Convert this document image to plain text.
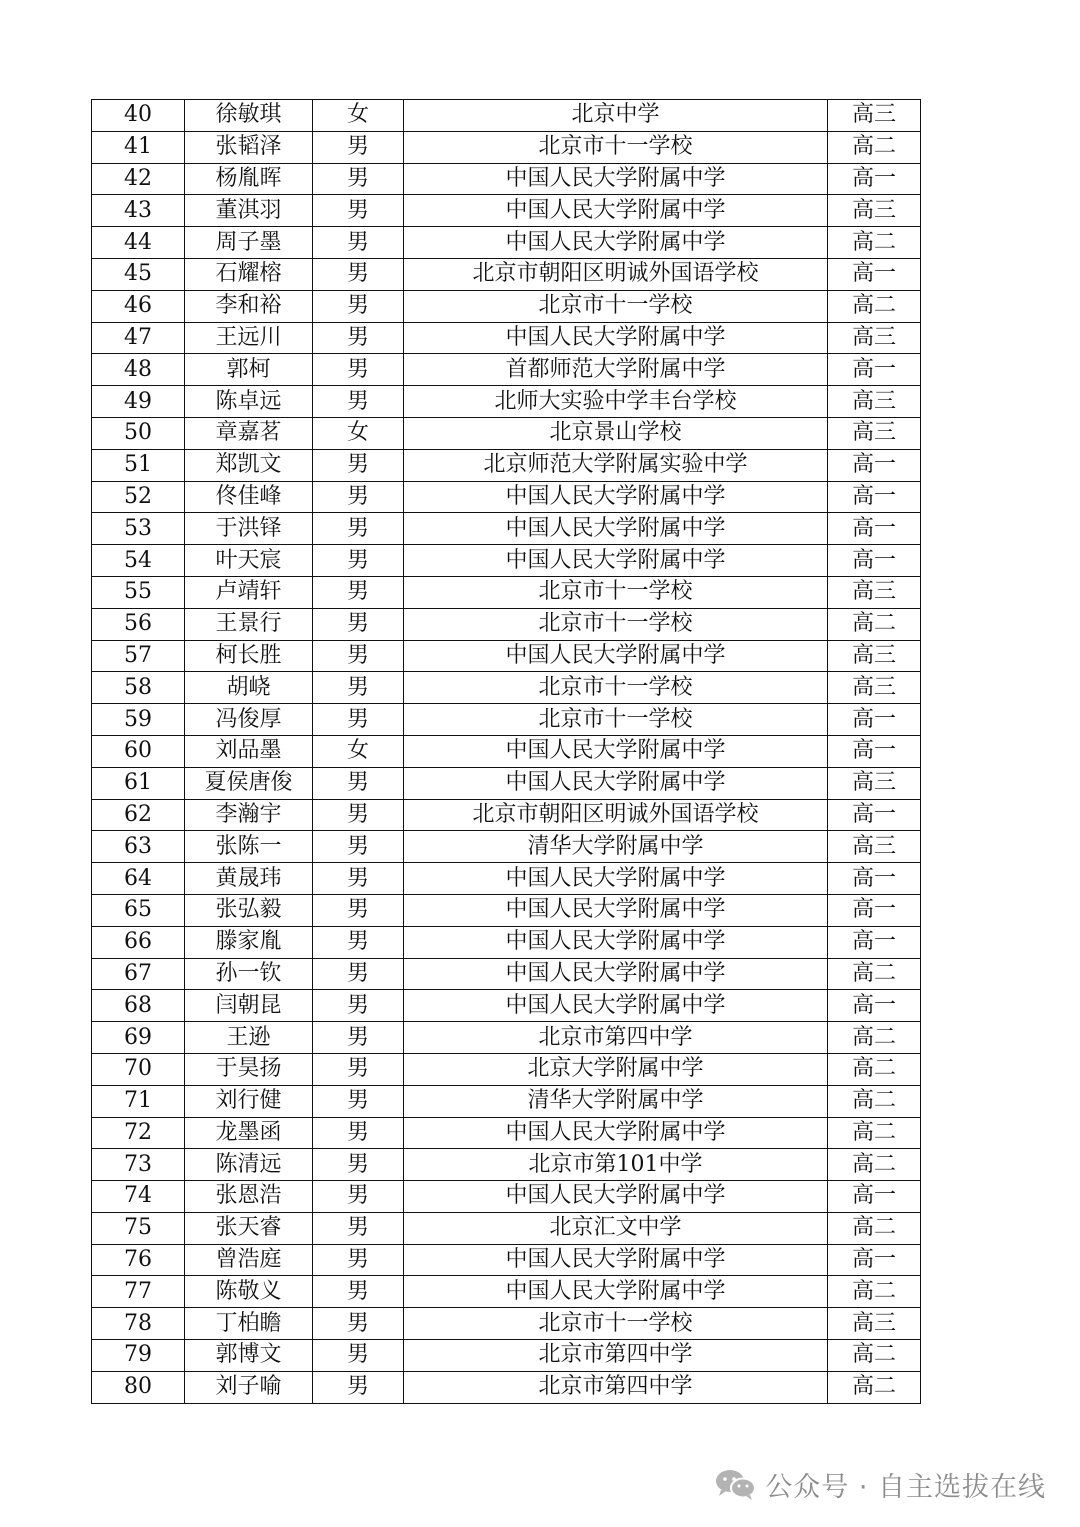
40	徐敏琪	女	北京中学	高三
41	张韬泽	男	北京市十一学校	高二
42	杨胤晖	男	中国人民大学附属中学	高一
43	董淇羽	男	中国人民大学附属中学	高三
44	周子墨	男	中国人民大学附属中学	高二
45	石耀榕	男	北京市朝阳区明诚外国语学校	高一
46	李和裕	男	北京市十一学校	高二
47	王远川	男	中国人民大学附属中学	高三
48	郭柯	男	首都师范大学附属中学	高一
49	陈卓远	男	北师大实验中学丰台学校	高三
50	章嘉茗	女	北京景山学校	高三
51	郑凯文	男	北京师范大学附属实验中学	高一
52	佟佳峰	男	中国人民大学附属中学	高一
53	于洪铎	男	中国人民大学附属中学	高一
54	叶天宸	男	中国人民大学附属中学	高一
55	卢靖轩	男	北京市十一学校	高三
56	王景行	男	北京市十一学校	高二
57	柯长胜	男	中国人民大学附属中学	高三
58	胡峣	男	北京市十一学校	高三
59	冯俊厚	男	北京市十一学校	高一
60	刘品墨	女	中国人民大学附属中学	高一
61	夏侯唐俊	男	中国人民大学附属中学	高三
62	李瀚宇	男	北京市朝阳区明诚外国语学校	高一
63	张陈一	男	清华大学附属中学	高三
64	黄晟玮	男	中国人民大学附属中学	高一
65	张弘毅	男	中国人民大学附属中学	高一
66	滕家胤	男	中国人民大学附属中学	高一
67	孙一钦	男	中国人民大学附属中学	高二
68	闫朝昆	男	中国人民大学附属中学	高一
69	王逊	男	北京市第四中学	高二
70	于昊扬	男	北京大学附属中学	高二
71	刘行健	男	清华大学附属中学	高二
72	龙墨函	男	中国人民大学附属中学	高二
73	陈清远	男	北京市第101中学	高二
74	张恩浩	男	中国人民大学附属中学	高一
75	张天睿	男	北京汇文中学	高二
76	曾浩庭	男	中国人民大学附属中学	高一
77	陈敬义	男	中国人民大学附属中学	高二
78	丁柏瞻	男	北京市十一学校	高三
79	郭博文	男	北京市第四中学	高二
80	刘子喻	男	北京市第四中学	高二
公众号 · 自主选拔在线
